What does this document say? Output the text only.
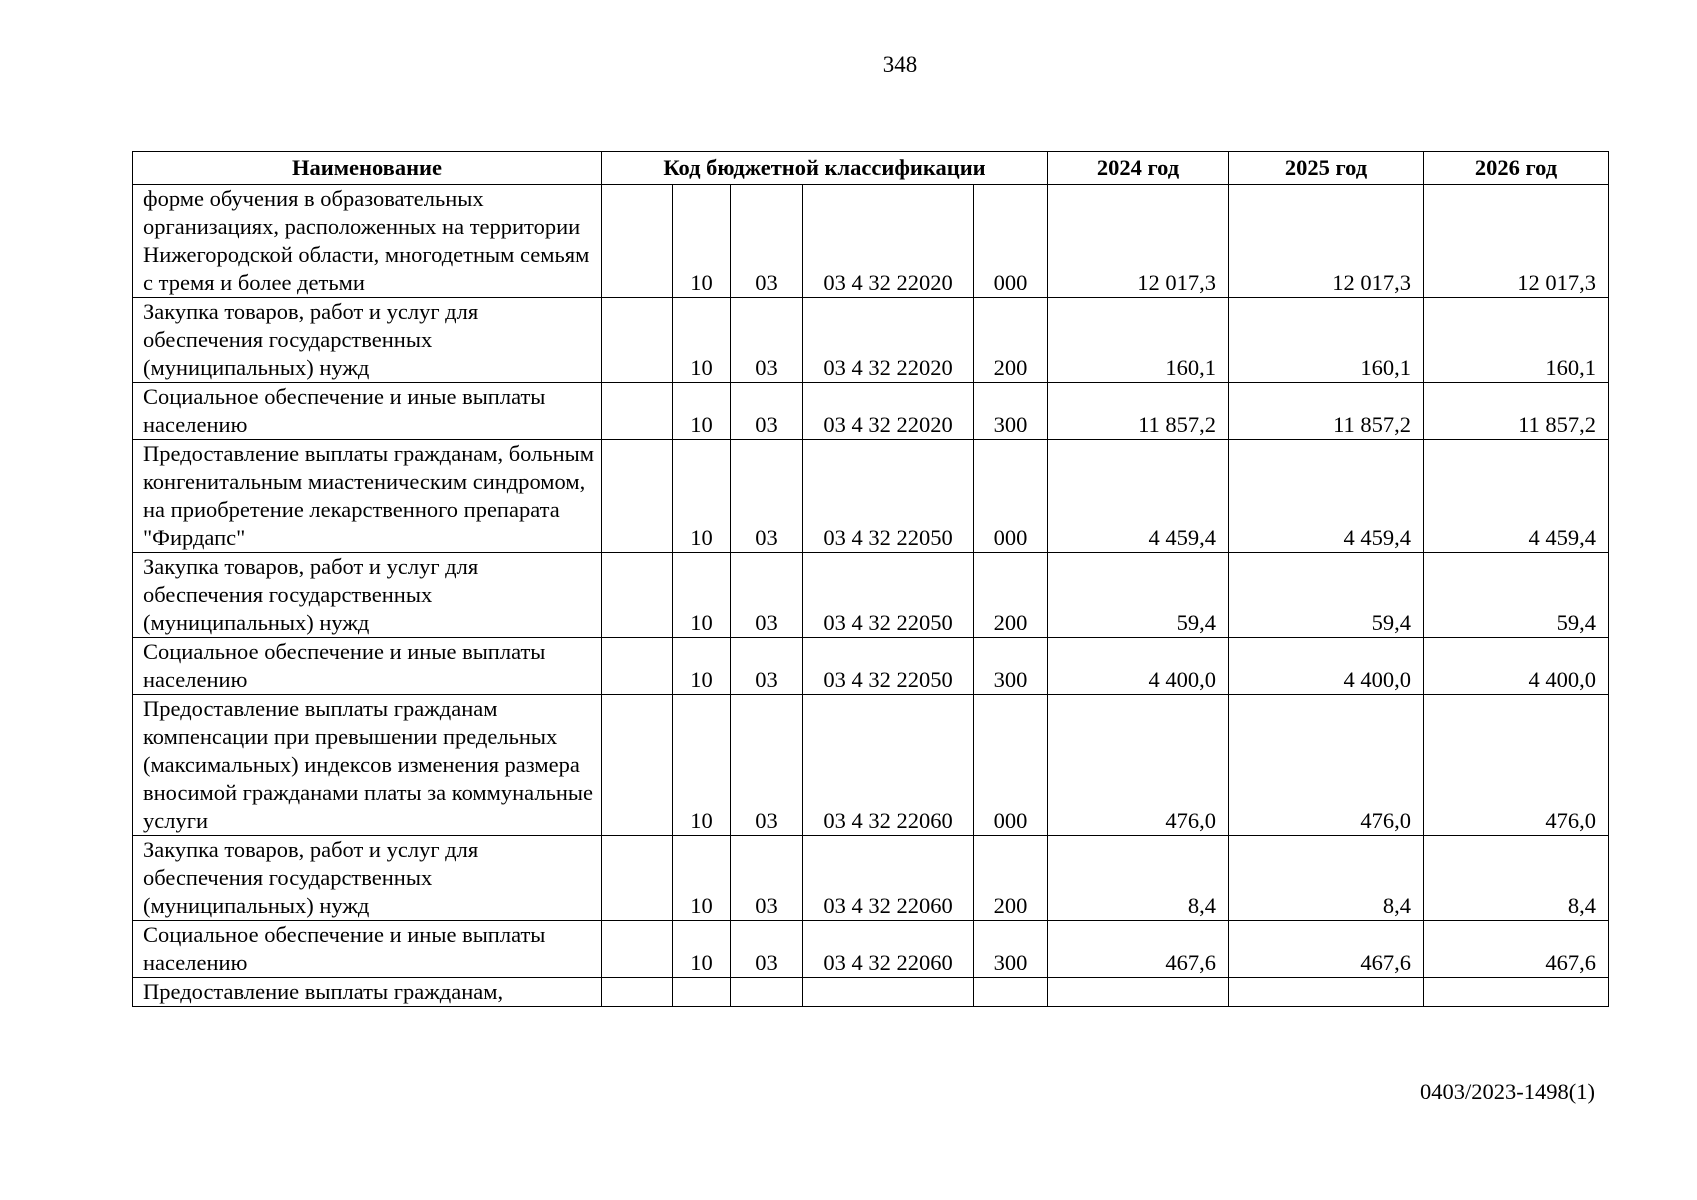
348
Наименование	Код бюджетной классификации					2024 год	2025 год	2026 год
форме обучения в образовательных организациях, расположенных на территории Нижегородской области, многодетным семьям с тремя и более детьми		10	03	03 4 32 22020	000	12 017,3	12 017,3	12 017,3
Закупка товаров, работ и услуг для обеспечения государственных (муниципальных) нужд		10	03	03 4 32 22020	200	160,1	160,1	160,1
Социальное обеспечение и иные выплаты населению		10	03	03 4 32 22020	300	11 857,2	11 857,2	11 857,2
Предоставление выплаты гражданам, больным конгенитальным миастеническим синдромом, на приобретение лекарственного препарата "Фирдапс"		10	03	03 4 32 22050	000	4 459,4	4 459,4	4 459,4
Закупка товаров, работ и услуг для обеспечения государственных (муниципальных) нужд		10	03	03 4 32 22050	200	59,4	59,4	59,4
Социальное обеспечение и иные выплаты населению		10	03	03 4 32 22050	300	4 400,0	4 400,0	4 400,0
Предоставление выплаты гражданам компенсации при превышении предельных (максимальных) индексов изменения размера вносимой гражданами платы за коммунальные услуги		10	03	03 4 32 22060	000	476,0	476,0	476,0
Закупка товаров, работ и услуг для обеспечения государственных (муниципальных) нужд		10	03	03 4 32 22060	200	8,4	8,4	8,4
Социальное обеспечение и иные выплаты населению		10	03	03 4 32 22060	300	467,6	467,6	467,6
Предоставление выплаты гражданам,								
0403/2023-1498(1)
